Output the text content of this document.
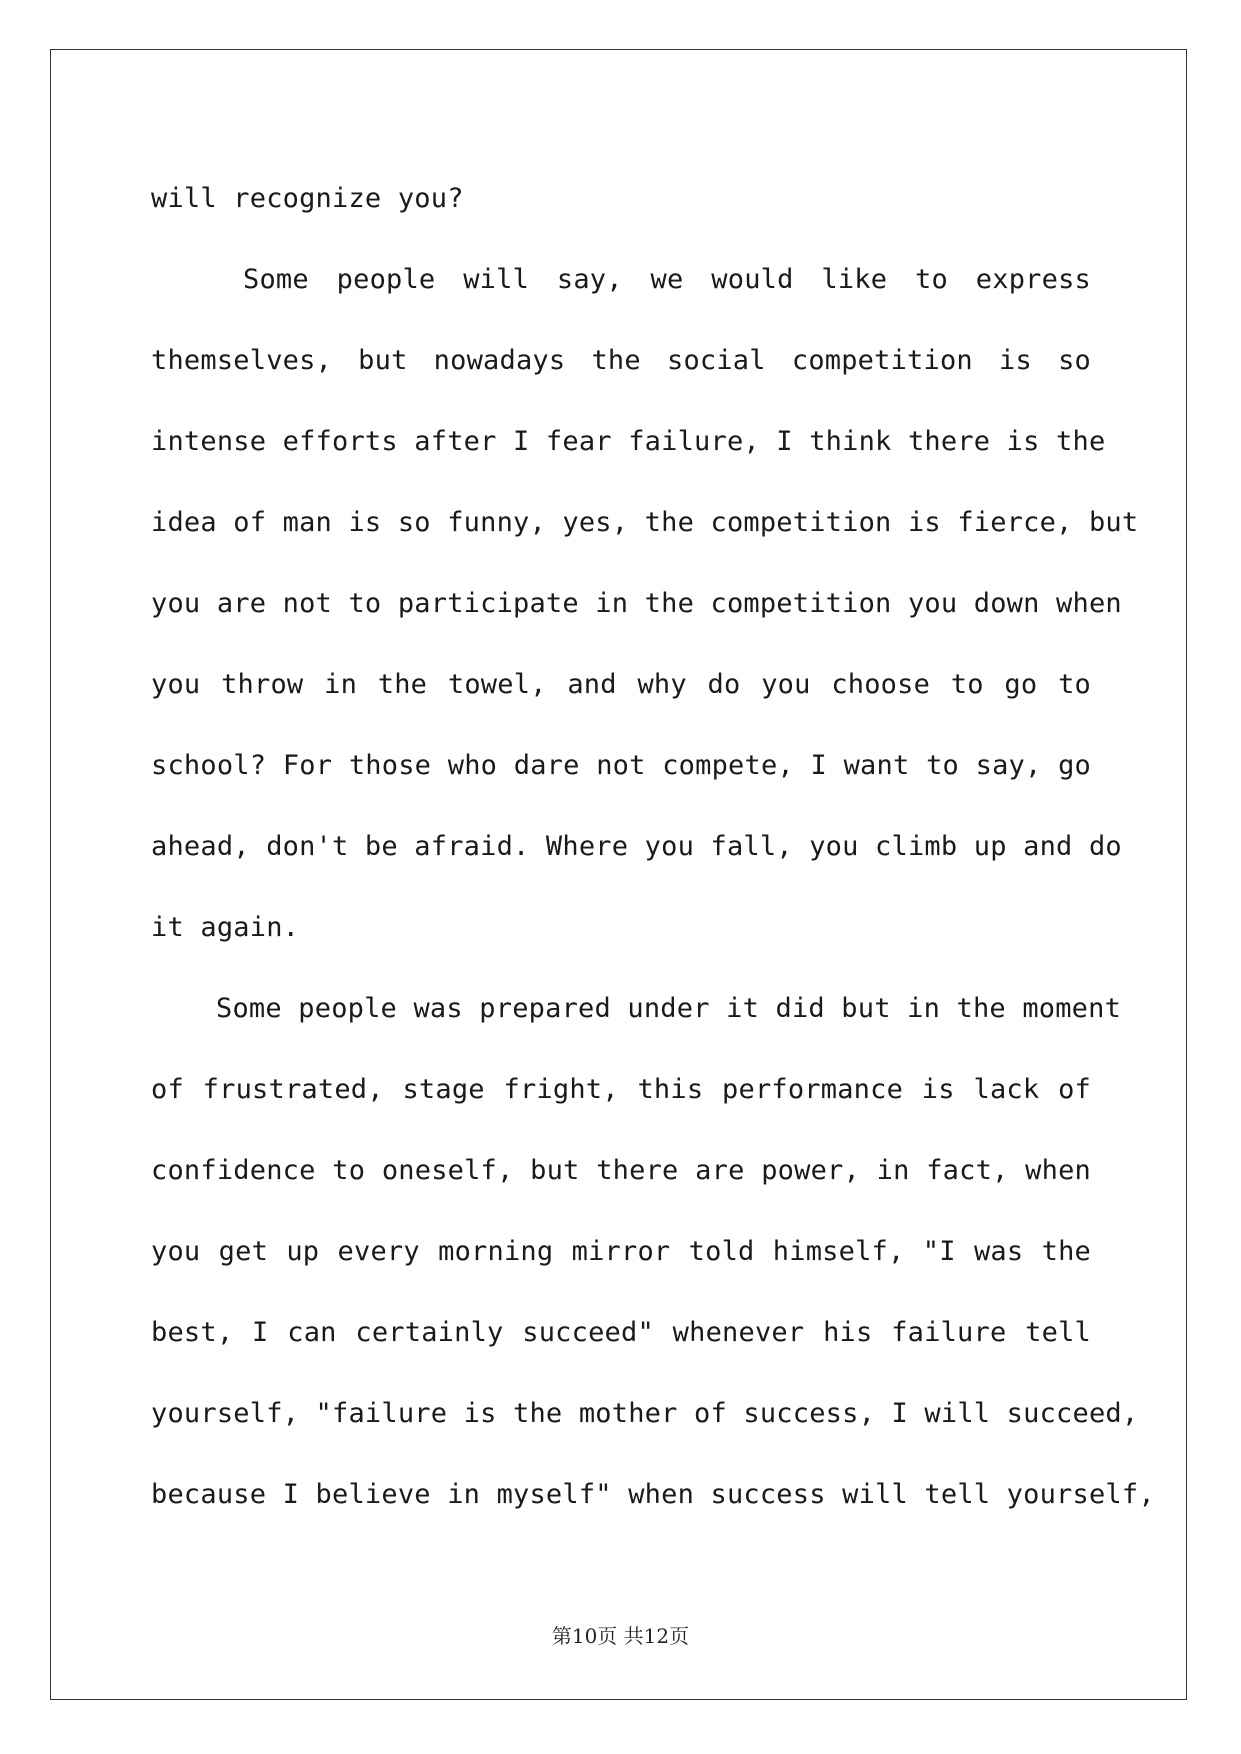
will recognize you?
Some people will say, we would like to express
themselves, but nowadays the social competition is so
intense efforts after I fear failure, I think there is the
idea of man is so funny, yes, the competition is fierce, but
you are not to participate in the competition you down when
you throw in the towel, and why do you choose to go to
school? For those who dare not compete, I want to say, go
ahead, don't be afraid. Where you fall, you climb up and do
it again.
Some people was prepared under it did but in the moment
of frustrated, stage fright, this performance is lack of
confidence to oneself, but there are power, in fact, when
you get up every morning mirror told himself, "I was the
best, I can certainly succeed" whenever his failure tell
yourself, "failure is the mother of success, I will succeed,
because I believe in myself" when success will tell yourself,
第10页 共12页
